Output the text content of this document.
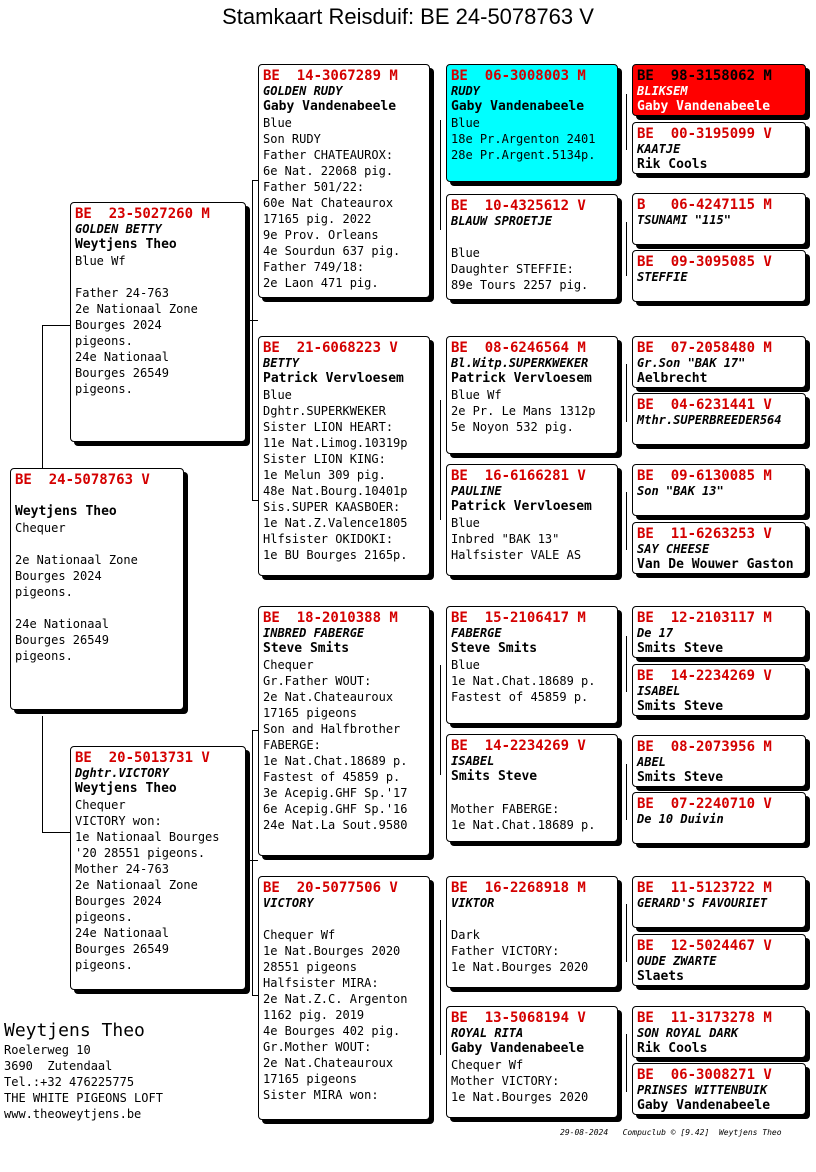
Stamkaart Reisduif: BE 24-5078763 V
BE  24-5078763 V
Weytjens Theo
Chequer
2e Nationaal Zone
Bourges 2024
pigeons.
24e Nationaal
Bourges 26549
pigeons.
BE  23-5027260 M
GOLDEN BETTY
Weytjens Theo
Blue Wf
Father 24-763
2e Nationaal Zone
Bourges 2024
pigeons.
24e Nationaal
Bourges 26549
pigeons.
BE  20-5013731 V
Dghtr.VICTORY
Weytjens Theo
Chequer
VICTORY won:
1e Nationaal Bourges
'20 28551 pigeons.
Mother 24-763
2e Nationaal Zone
Bourges 2024
pigeons.
24e Nationaal
Bourges 26549
pigeons.
BE  14-3067289 M
GOLDEN RUDY
Gaby Vandenabeele
Blue
Son RUDY
Father CHATEAUROX:
6e Nat. 22068 pig.
Father 501/22:
60e Nat Chateaurox
17165 pig. 2022
9e Prov. Orleans
4e Sourdun 637 pig.
Father 749/18:
2e Laon 471 pig.
BE  21-6068223 V
BETTY
Patrick Vervloesem
Blue
Dghtr.SUPERKWEKER
Sister LION HEART:
11e Nat.Limog.10319p
Sister LION KING:
1e Melun 309 pig.
48e Nat.Bourg.10401p
Sis.SUPER KAASBOER:
1e Nat.Z.Valence1805
Hlfsister OKIDOKI:
1e BU Bourges 2165p.
BE  18-2010388 M
INBRED FABERGE
Steve Smits
Chequer
Gr.Father WOUT:
2e Nat.Chateauroux
17165 pigeons
Son and Halfbrother
FABERGE:
1e Nat.Chat.18689 p.
Fastest of 45859 p.
3e Acepig.GHF Sp.'17
6e Acepig.GHF Sp.'16
24e Nat.La Sout.9580
BE  20-5077506 V
VICTORY
Chequer Wf
1e Nat.Bourges 2020
28551 pigeons
Halfsister MIRA:
2e Nat.Z.C. Argenton
1162 pig. 2019
4e Bourges 402 pig.
Gr.Mother WOUT:
2e Nat.Chateauroux
17165 pigeons
Sister MIRA won:
BE  06-3008003 M
RUDY
Gaby Vandenabeele
Blue
18e Pr.Argenton 2401
28e Pr.Argent.5134p.
BE  10-4325612 V
BLAUW SPROETJE
Blue
Daughter STEFFIE:
89e Tours 2257 pig.
BE  08-6246564 M
Bl.Witp.SUPERKWEKER
Patrick Vervloesem
Blue Wf
2e Pr. Le Mans 1312p
5e Noyon 532 pig.
BE  16-6166281 V
PAULINE
Patrick Vervloesem
Blue
Inbred "BAK 13"
Halfsister VALE AS
BE  15-2106417 M
FABERGE
Steve Smits
Blue
1e Nat.Chat.18689 p.
Fastest of 45859 p.
BE  14-2234269 V
ISABEL
Smits Steve
Mother FABERGE:
1e Nat.Chat.18689 p.
BE  16-2268918 M
VIKTOR
Dark
Father VICTORY:
1e Nat.Bourges 2020
BE  13-5068194 V
ROYAL RITA
Gaby Vandenabeele
Chequer Wf
Mother VICTORY:
1e Nat.Bourges 2020
BE  98-3158062 M
BLIKSEM
Gaby Vandenabeele
BE  00-3195099 V
KAATJE
Rik Cools
B   06-4247115 M
TSUNAMI "115"
BE  09-3095085 V
STEFFIE
BE  07-2058480 M
Gr.Son "BAK 17"
Aelbrecht
BE  04-6231441 V
Mthr.SUPERBREEDER564
BE  09-6130085 M
Son "BAK 13"
BE  11-6263253 V
SAY CHEESE
Van De Wouwer Gaston
BE  12-2103117 M
De 17
Smits Steve
BE  14-2234269 V
ISABEL
Smits Steve
BE  08-2073956 M
ABEL
Smits Steve
BE  07-2240710 V
De 10 Duivin
BE  11-5123722 M
GERARD'S FAVOURIET
BE  12-5024467 V
OUDE ZWARTE
Slaets
BE  11-3173278 M
SON ROYAL DARK
Rik Cools
BE  06-3008271 V
PRINSES WITTENBUIK
Gaby Vandenabeele
Weytjens Theo
Roelerweg 10
3690  Zutendaal
Tel.:+32 476225775
THE WHITE PIGEONS LOFT
www.theoweytjens.be
29-08-2024   Compuclub © [9.42]  Weytjens Theo
